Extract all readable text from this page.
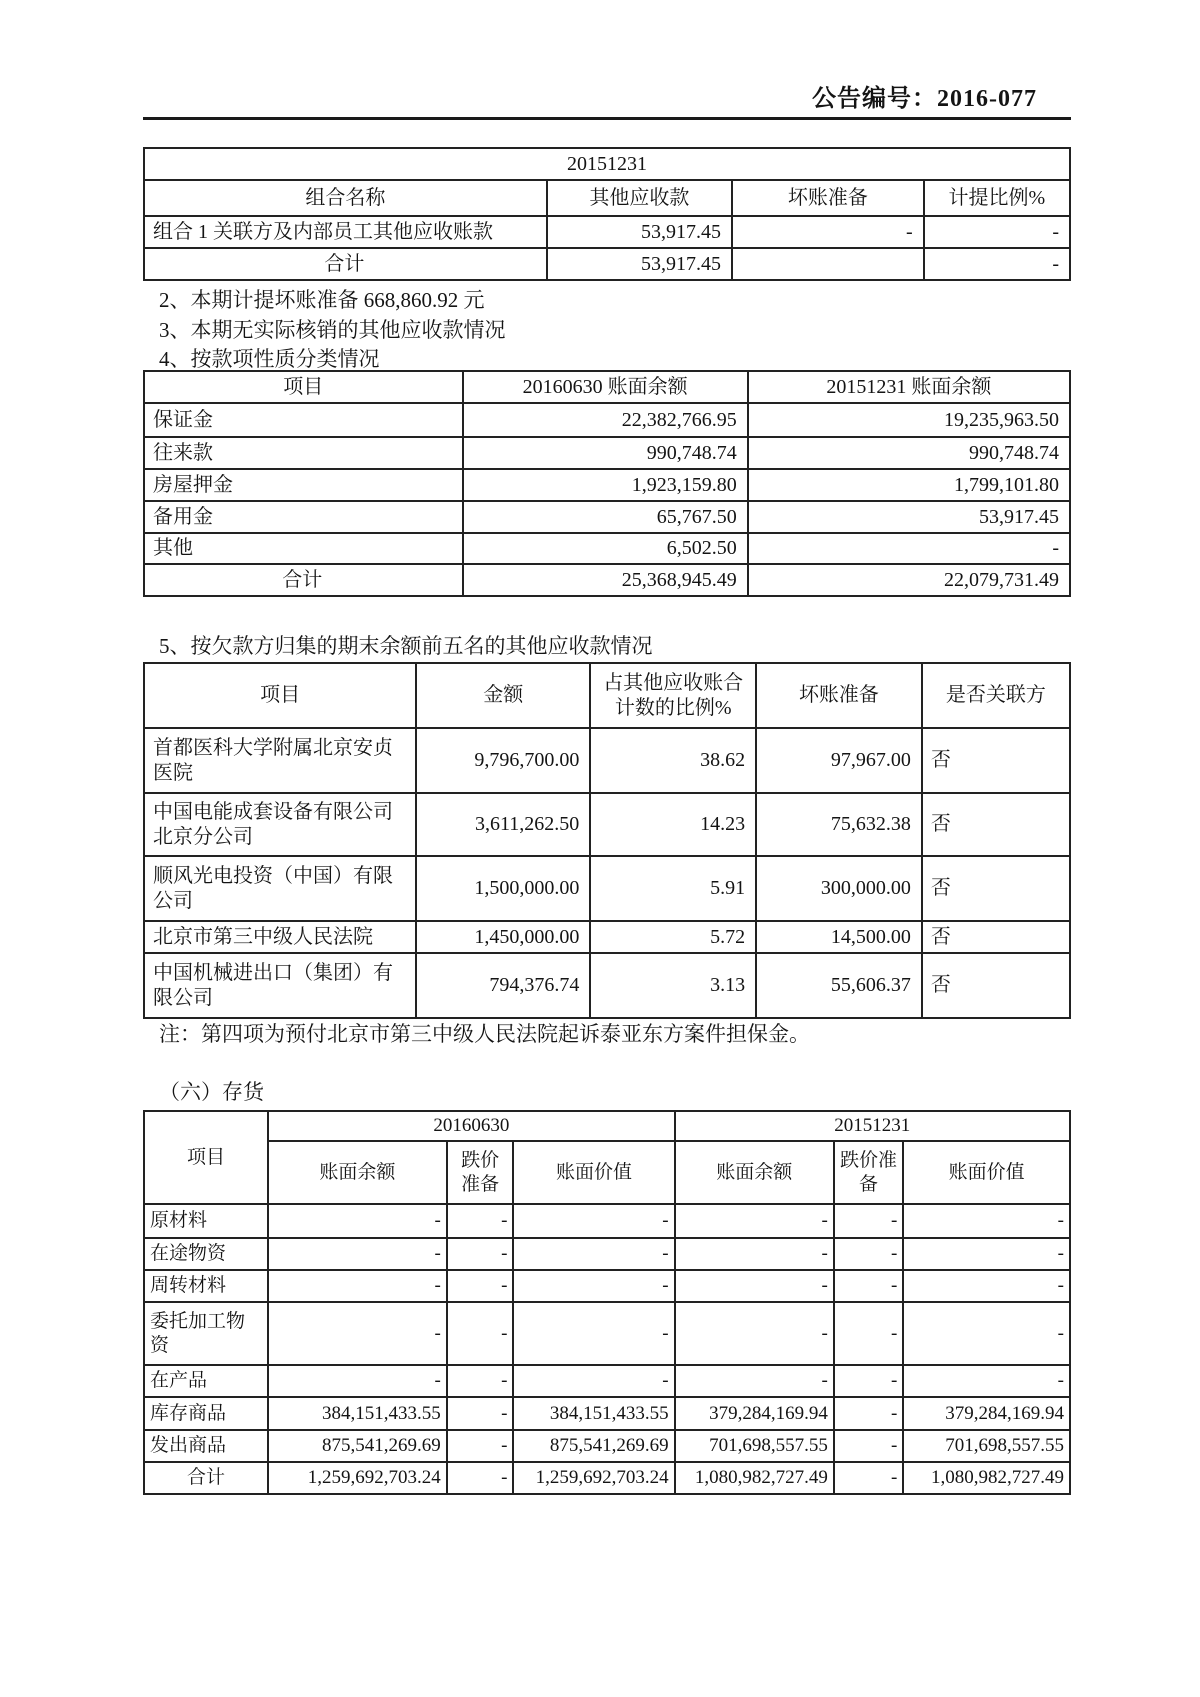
公告编号：2016-077
20151231			
组合名称	其他应收款	坏账准备	计提比例%
组合 1 关联方及内部员工其他应收账款	53,917.45	-	-
合计	53,917.45		-
2、本期计提坏账准备 668,860.92 元
3、本期无实际核销的其他应收款情况
4、按款项性质分类情况
项目	20160630 账面余额	20151231 账面余额
保证金	22,382,766.95	19,235,963.50
往来款	990,748.74	990,748.74
房屋押金	1,923,159.80	1,799,101.80
备用金	65,767.50	53,917.45
其他	6,502.50	-
合计	25,368,945.49	22,079,731.49
5、按欠款方归集的期末余额前五名的其他应收款情况
项目	金额	占其他应收账合计数的比例%	坏账准备	是否关联方
首都医科大学附属北京安贞医院	9,796,700.00	38.62	97,967.00	否
中国电能成套设备有限公司北京分公司	3,611,262.50	14.23	75,632.38	否
顺风光电投资（中国）有限公司	1,500,000.00	5.91	300,000.00	否
北京市第三中级人民法院	1,450,000.00	5.72	14,500.00	否
中国机械进出口（集团）有限公司	794,376.74	3.13	55,606.37	否
注：第四项为预付北京市第三中级人民法院起诉泰亚东方案件担保金。
（六）存货
项目	20160630			20151231		
	账面余额	跌价准备	账面价值	账面余额	跌价准备	账面价值
原材料	-	-	-	-	-	-
在途物资	-	-	-	-	-	-
周转材料	-	-	-	-	-	-
委托加工物资	-	-	-	-	-	-
在产品	-	-	-	-	-	-
库存商品	384,151,433.55	-	384,151,433.55	379,284,169.94	-	379,284,169.94
发出商品	875,541,269.69	-	875,541,269.69	701,698,557.55	-	701,698,557.55
合计	1,259,692,703.24	-	1,259,692,703.24	1,080,982,727.49	-	1,080,982,727.49
